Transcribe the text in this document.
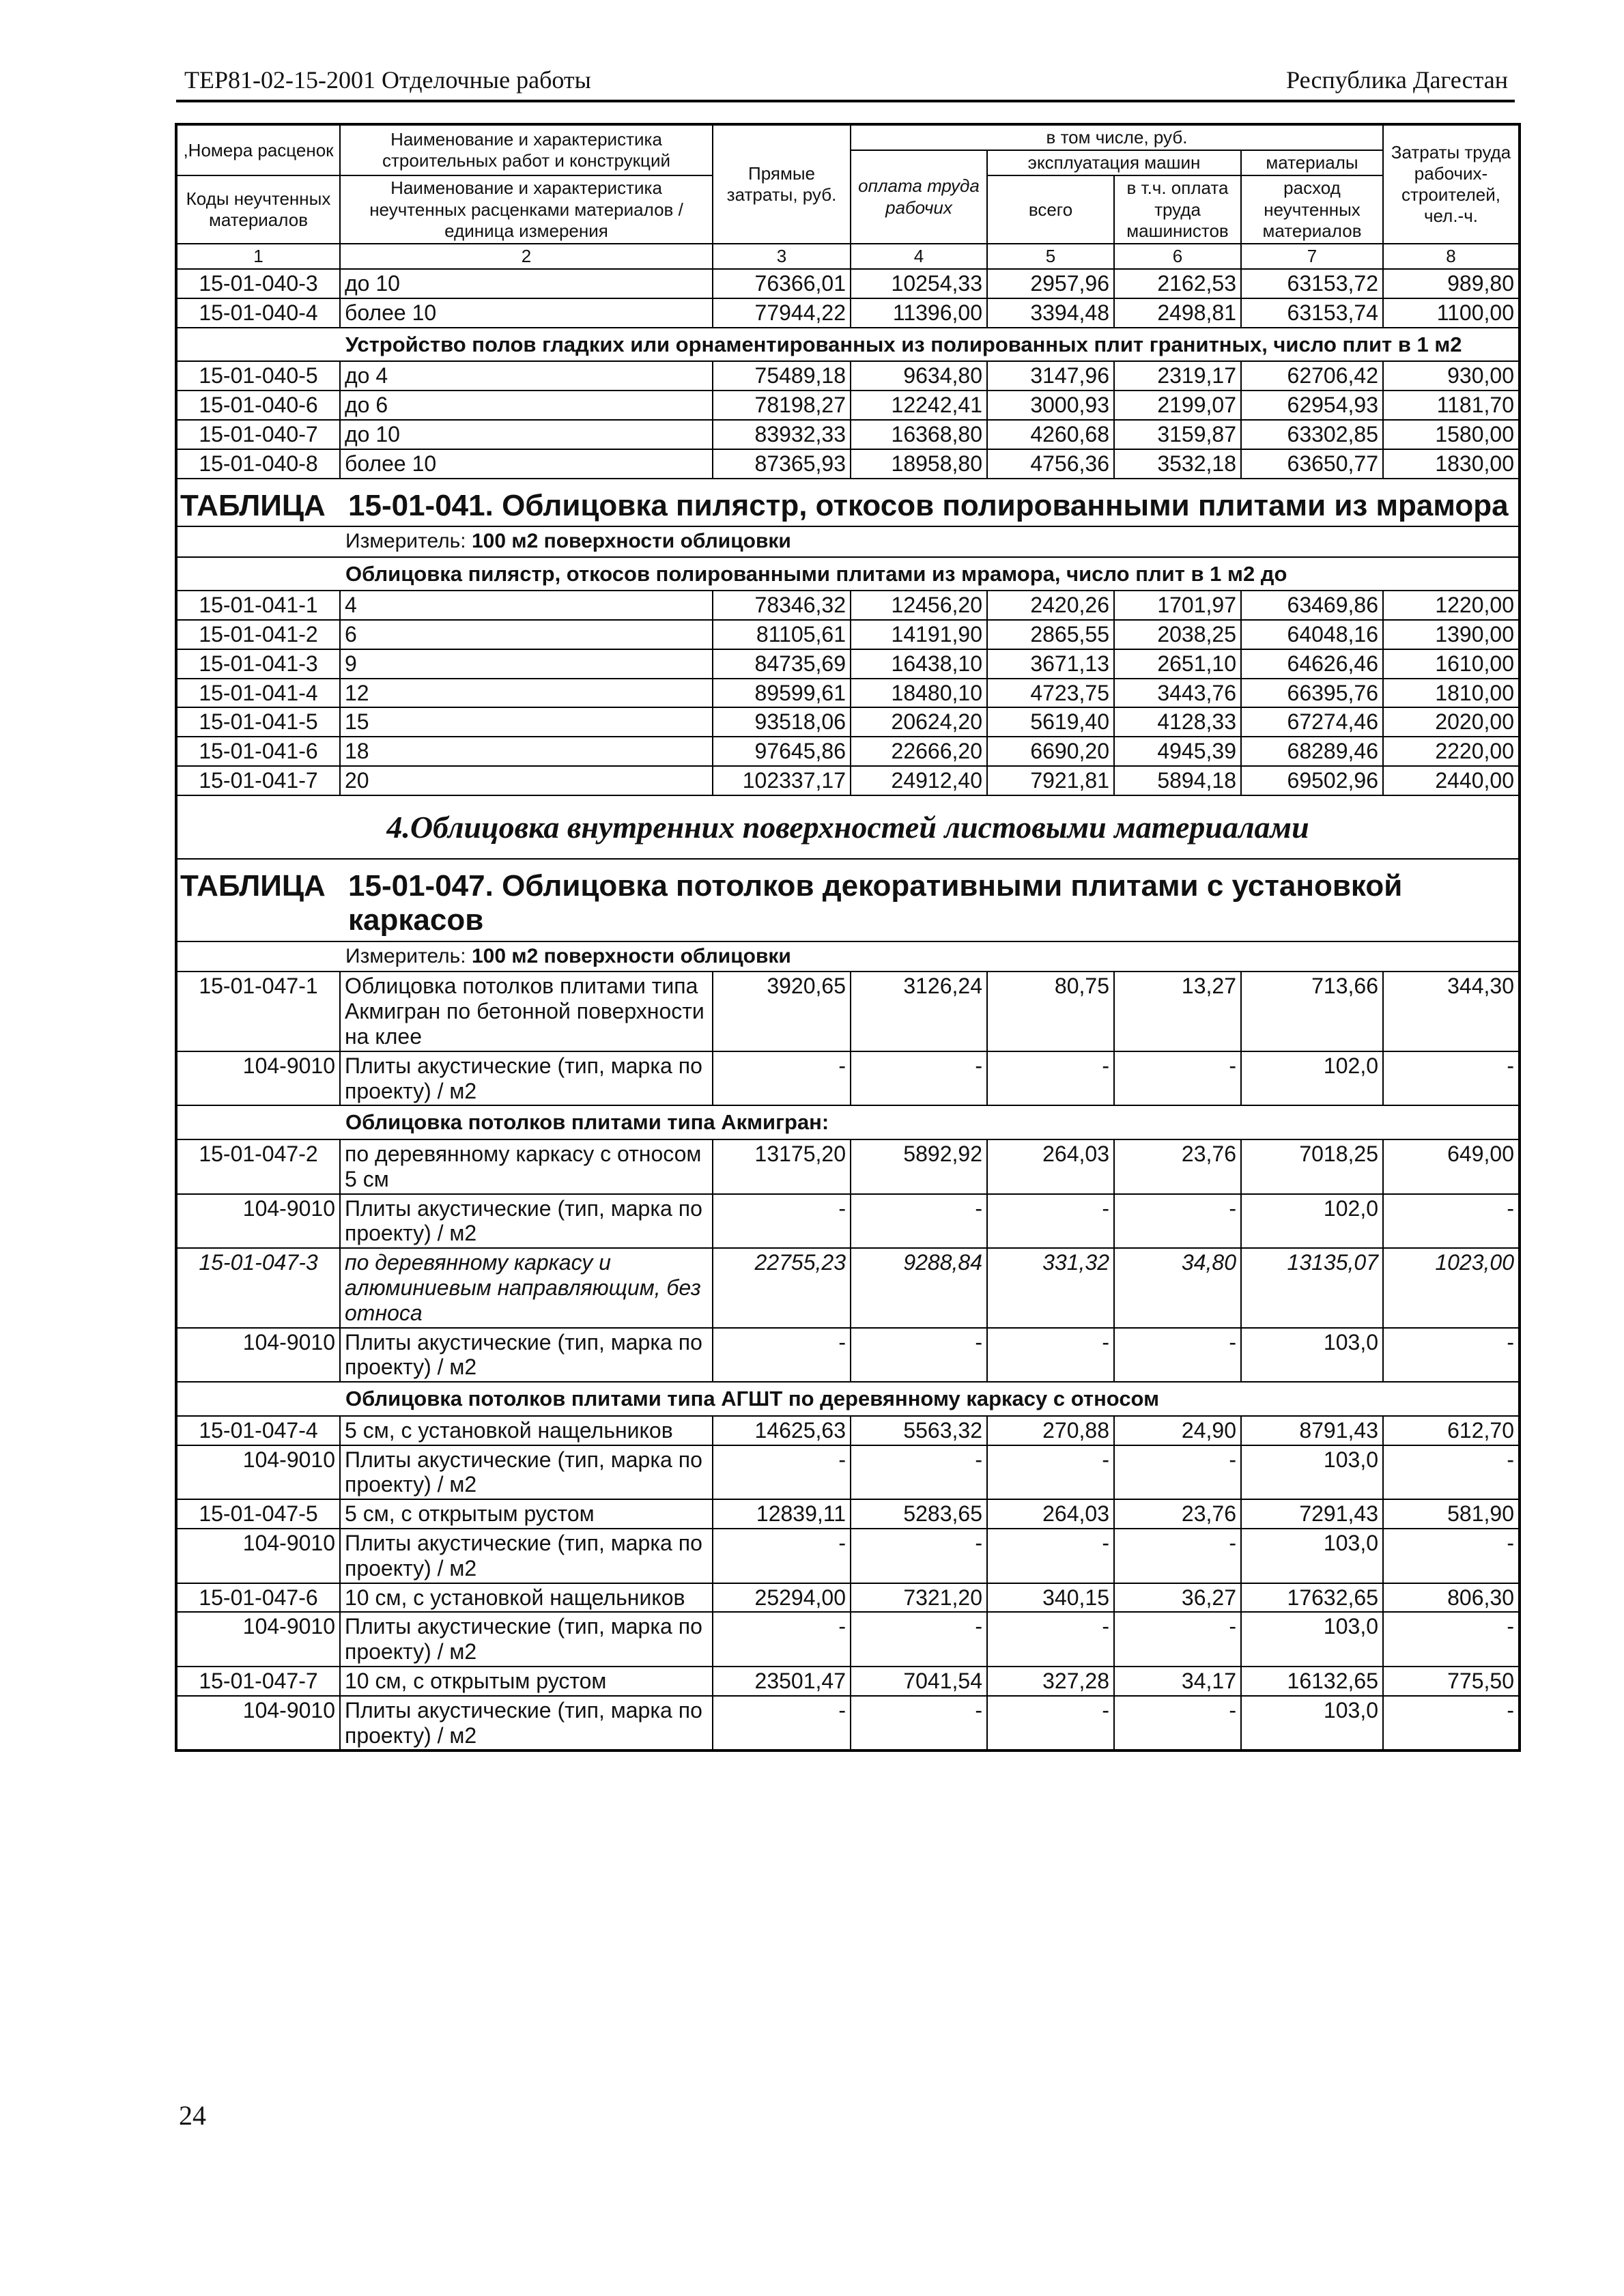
ТЕР81-02-15-2001 Отделочные работы	Республика Дагестан
,Номера расценок	Наименование и характеристика строительных работ и конструкций	Прямые затраты, руб.	в том числе, руб.				Затраты труда рабочих-строителей, чел.-ч.
			оплата труда рабочих	эксплуатация машин		материалы	
Коды неучтенных материалов	Наименование и характеристика неучтенных расценками материалов / единица измерения			всего	в т.ч. оплата труда машинистов	расход неучтенных материалов	

1	2	3	4	5	6	7	8
15-01-040-3	до 10	76366,01	10254,33	2957,96	2162,53	63153,72	989,80
15-01-040-4	более 10	77944,22	11396,00	3394,48	2498,81	63153,74	1100,00
	Устройство полов гладких или орнаментированных из полированных плит гранитных, число плит в 1 м2						
15-01-040-5	до 4	75489,18	9634,80	3147,96	2319,17	62706,42	930,00
15-01-040-6	до 6	78198,27	12242,41	3000,93	2199,07	62954,93	1181,70
15-01-040-7	до 10	83932,33	16368,80	4260,68	3159,87	63302,85	1580,00
15-01-040-8	более 10	87365,93	18958,80	4756,36	3532,18	63650,77	1830,00
ТАБЛИЦА	15-01-041. Облицовка пилястр, откосов полированными плитами из мрамора						
	Измеритель: 100 м2 поверхности облицовки						
	Облицовка пилястр, откосов полированными плитами из мрамора, число плит в 1 м2 до						
15-01-041-1	4	78346,32	12456,20	2420,26	1701,97	63469,86	1220,00
15-01-041-2	6	81105,61	14191,90	2865,55	2038,25	64048,16	1390,00
15-01-041-3	9	84735,69	16438,10	3671,13	2651,10	64626,46	1610,00
15-01-041-4	12	89599,61	18480,10	4723,75	3443,76	66395,76	1810,00
15-01-041-5	15	93518,06	20624,20	5619,40	4128,33	67274,46	2020,00
15-01-041-6	18	97645,86	22666,20	6690,20	4945,39	68289,46	2220,00
15-01-041-7	20	102337,17	24912,40	7921,81	5894,18	69502,96	2440,00
4.Облицовка внутренних поверхностей листовыми материалами							
ТАБЛИЦА	15-01-047. Облицовка потолков декоративными плитами с установкой каркасов						
	Измеритель: 100 м2 поверхности облицовки						
15-01-047-1	Облицовка потолков плитами типа Акмигран по бетонной поверхности на клее	3920,65	3126,24	80,75	13,27	713,66	344,30
104-9010	Плиты акустические (тип, марка по проекту) / м2	-	-	-	-	102,0	-
	Облицовка потолков плитами типа Акмигран:						
15-01-047-2	по деревянному каркасу с относом 5 см	13175,20	5892,92	264,03	23,76	7018,25	649,00
104-9010	Плиты акустические (тип, марка по проекту) / м2	-	-	-	-	102,0	-
15-01-047-3	по деревянному каркасу и алюминиевым направляющим, без относа	22755,23	9288,84	331,32	34,80	13135,07	1023,00
104-9010	Плиты акустические (тип, марка по проекту) / м2	-	-	-	-	103,0	-
	Облицовка потолков плитами типа АГШТ по деревянному каркасу с относом						
15-01-047-4	5 см, с установкой нащельников	14625,63	5563,32	270,88	24,90	8791,43	612,70
104-9010	Плиты акустические (тип, марка по проекту) / м2	-	-	-	-	103,0	-
15-01-047-5	5 см, с открытым рустом	12839,11	5283,65	264,03	23,76	7291,43	581,90
104-9010	Плиты акустические (тип, марка по проекту) / м2	-	-	-	-	103,0	-
15-01-047-6	10 см, с установкой нащельников	25294,00	7321,20	340,15	36,27	17632,65	806,30
104-9010	Плиты акустические (тип, марка по проекту) / м2	-	-	-	-	103,0	-
15-01-047-7	10 см, с открытым рустом	23501,47	7041,54	327,28	34,17	16132,65	775,50
104-9010	Плиты акустические (тип, марка по проекту) / м2	-	-	-	-	103,0	-
24
